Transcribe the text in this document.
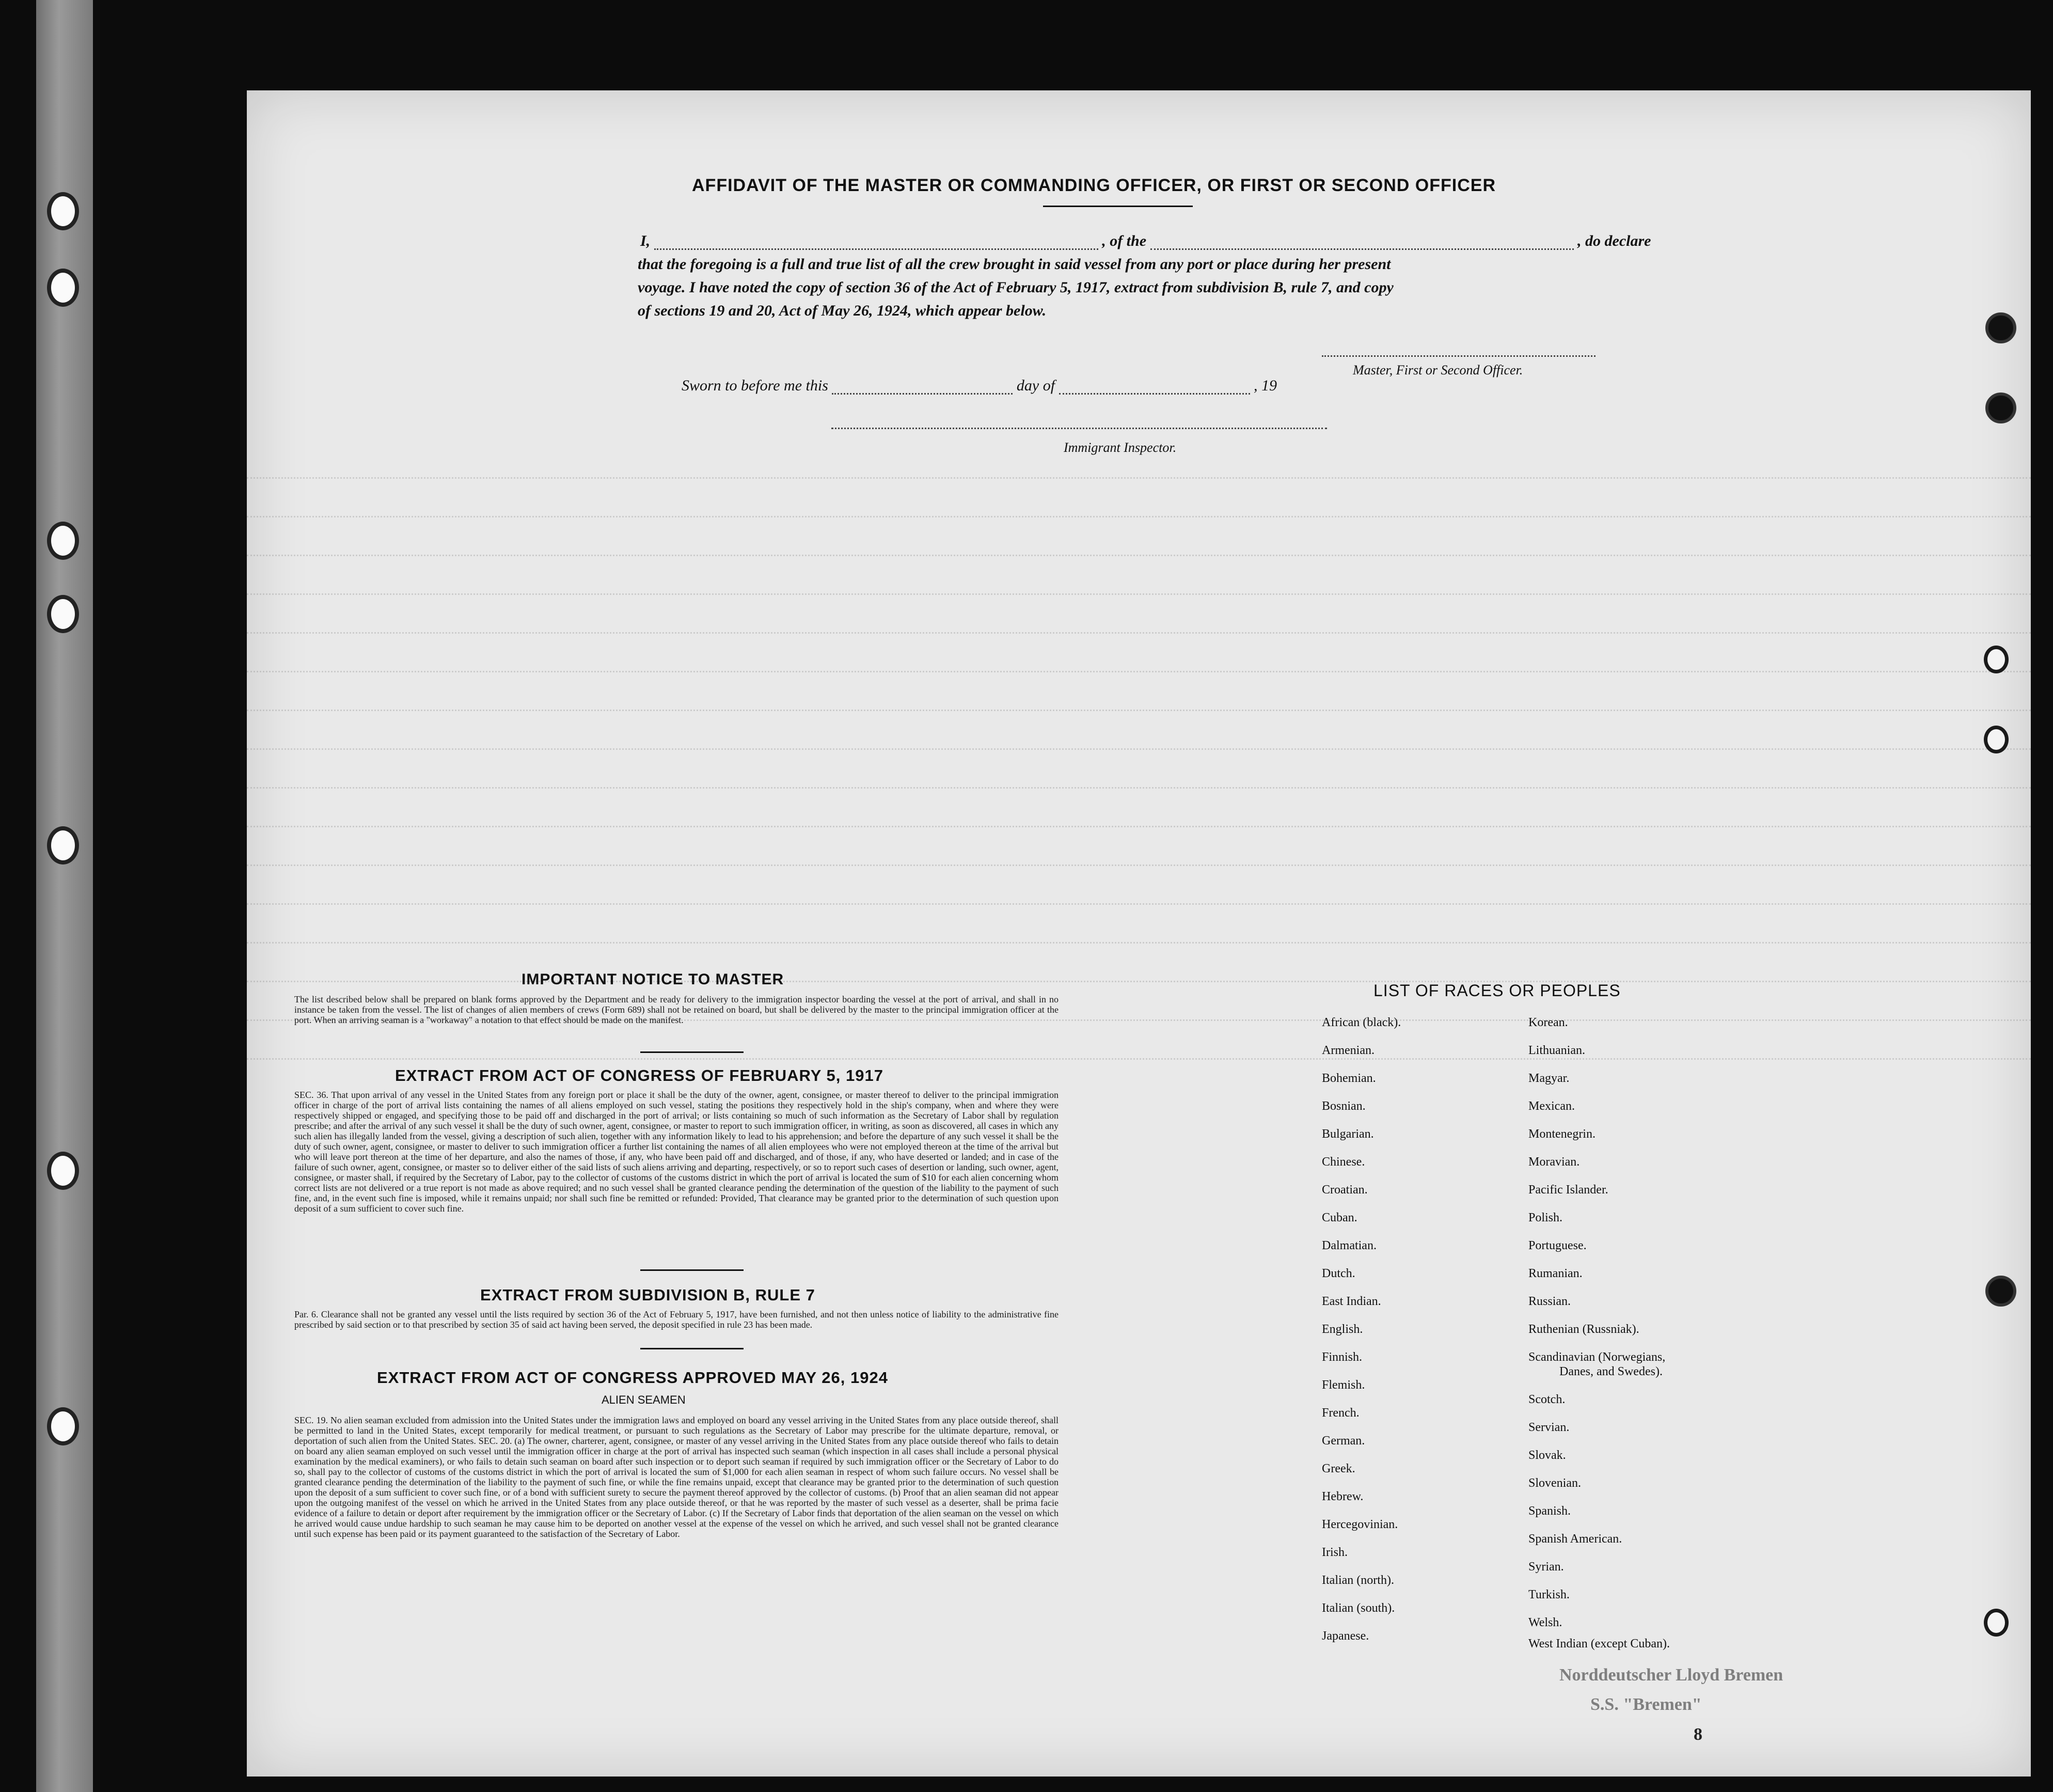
AFFIDAVIT OF THE MASTER OR COMMANDING OFFICER, OR FIRST OR SECOND OFFICER
I,	, of the	, do declare
that the foregoing is a full and true list of all the crew brought in said vessel from any port or place during her present
voyage. I have noted the copy of section 36 of the Act of February 5, 1917, extract from subdivision B, rule 7, and copy
of sections 19 and 20, Act of May 26, 1924, which appear below.
Master, First or Second Officer.
Sworn to before me this	day of	, 19
Immigrant Inspector.
IMPORTANT NOTICE TO MASTER
The list described below shall be prepared on blank forms approved by the Department and be ready for delivery to the immigration inspector boarding the vessel at the port of arrival, and shall in no instance be taken from the vessel. The list of changes of alien members of crews (Form 689) shall not be retained on board, but shall be delivered by the master to the principal immigration officer at the port. When an arriving seaman is a "workaway" a notation to that effect should be made on the manifest.
EXTRACT FROM ACT OF CONGRESS OF FEBRUARY 5, 1917
SEC. 36. That upon arrival of any vessel in the United States from any foreign port or place it shall be the duty of the owner, agent, consignee, or master thereof to deliver to the principal immigration officer in charge of the port of arrival lists containing the names of all aliens employed on such vessel, stating the positions they respectively hold in the ship's company, when and where they were respectively shipped or engaged, and specifying those to be paid off and discharged in the port of arrival; or lists containing so much of such information as the Secretary of Labor shall by regulation prescribe; and after the arrival of any such vessel it shall be the duty of such owner, agent, consignee, or master to report to such immigration officer, in writing, as soon as discovered, all cases in which any such alien has illegally landed from the vessel, giving a description of such alien, together with any information likely to lead to his apprehension; and before the departure of any such vessel it shall be the duty of such owner, agent, consignee, or master to deliver to such immigration officer a further list containing the names of all alien employees who were not employed thereon at the time of the arrival but who will leave port thereon at the time of her departure, and also the names of those, if any, who have been paid off and discharged, and of those, if any, who have deserted or landed; and in case of the failure of such owner, agent, consignee, or master so to deliver either of the said lists of such aliens arriving and departing, respectively, or so to report such cases of desertion or landing, such owner, agent, consignee, or master shall, if required by the Secretary of Labor, pay to the collector of customs of the customs district in which the port of arrival is located the sum of $10 for each alien concerning whom correct lists are not delivered or a true report is not made as above required; and no such vessel shall be granted clearance pending the determination of the question of the liability to the payment of such fine, and, in the event such fine is imposed, while it remains unpaid; nor shall such fine be remitted or refunded: Provided, That clearance may be granted prior to the determination of such question upon deposit of a sum sufficient to cover such fine.
EXTRACT FROM SUBDIVISION B, RULE 7
Par. 6. Clearance shall not be granted any vessel until the lists required by section 36 of the Act of February 5, 1917, have been furnished, and not then unless notice of liability to the administrative fine prescribed by said section or to that prescribed by section 35 of said act having been served, the deposit specified in rule 23 has been made.
EXTRACT FROM ACT OF CONGRESS APPROVED MAY 26, 1924
ALIEN SEAMEN
SEC. 19. No alien seaman excluded from admission into the United States under the immigration laws and employed on board any vessel arriving in the United States from any place outside thereof, shall be permitted to land in the United States, except temporarily for medical treatment, or pursuant to such regulations as the Secretary of Labor may prescribe for the ultimate departure, removal, or deportation of such alien from the United States. SEC. 20. (a) The owner, charterer, agent, consignee, or master of any vessel arriving in the United States from any place outside thereof who fails to detain on board any alien seaman employed on such vessel until the immigration officer in charge at the port of arrival has inspected such seaman (which inspection in all cases shall include a personal physical examination by the medical examiners), or who fails to detain such seaman on board after such inspection or to deport such seaman if required by such immigration officer or the Secretary of Labor to do so, shall pay to the collector of customs of the customs district in which the port of arrival is located the sum of $1,000 for each alien seaman in respect of whom such failure occurs. No vessel shall be granted clearance pending the determination of the liability to the payment of such fine, or while the fine remains unpaid, except that clearance may be granted prior to the determination of such question upon the deposit of a sum sufficient to cover such fine, or of a bond with sufficient surety to secure the payment thereof approved by the collector of customs. (b) Proof that an alien seaman did not appear upon the outgoing manifest of the vessel on which he arrived in the United States from any place outside thereof, or that he was reported by the master of such vessel as a deserter, shall be prima facie evidence of a failure to detain or deport after requirement by the immigration officer or the Secretary of Labor. (c) If the Secretary of Labor finds that deportation of the alien seaman on the vessel on which he arrived would cause undue hardship to such seaman he may cause him to be deported on another vessel at the expense of the vessel on which he arrived, and such vessel shall not be granted clearance until such expense has been paid or its payment guaranteed to the satisfaction of the Secretary of Labor.
LIST OF RACES OR PEOPLES
African (black).
Armenian.
Bohemian.
Bosnian.
Bulgarian.
Chinese.
Croatian.
Cuban.
Dalmatian.
Dutch.
East Indian.
English.
Finnish.
Flemish.
French.
German.
Greek.
Hebrew.
Hercegovinian.
Irish.
Italian (north).
Italian (south).
Japanese.
Korean.
Lithuanian.
Magyar.
Mexican.
Montenegrin.
Moravian.
Pacific Islander.
Polish.
Portuguese.
Rumanian.
Russian.
Ruthenian (Russniak).
Scandinavian (Norwegians,
Danes, and Swedes).
Scotch.
Servian.
Slovak.
Slovenian.
Spanish.
Spanish American.
Syrian.
Turkish.
Welsh.
West Indian (except Cuban).
Norddeutscher Lloyd Bremen
S.S. "Bremen"
8
